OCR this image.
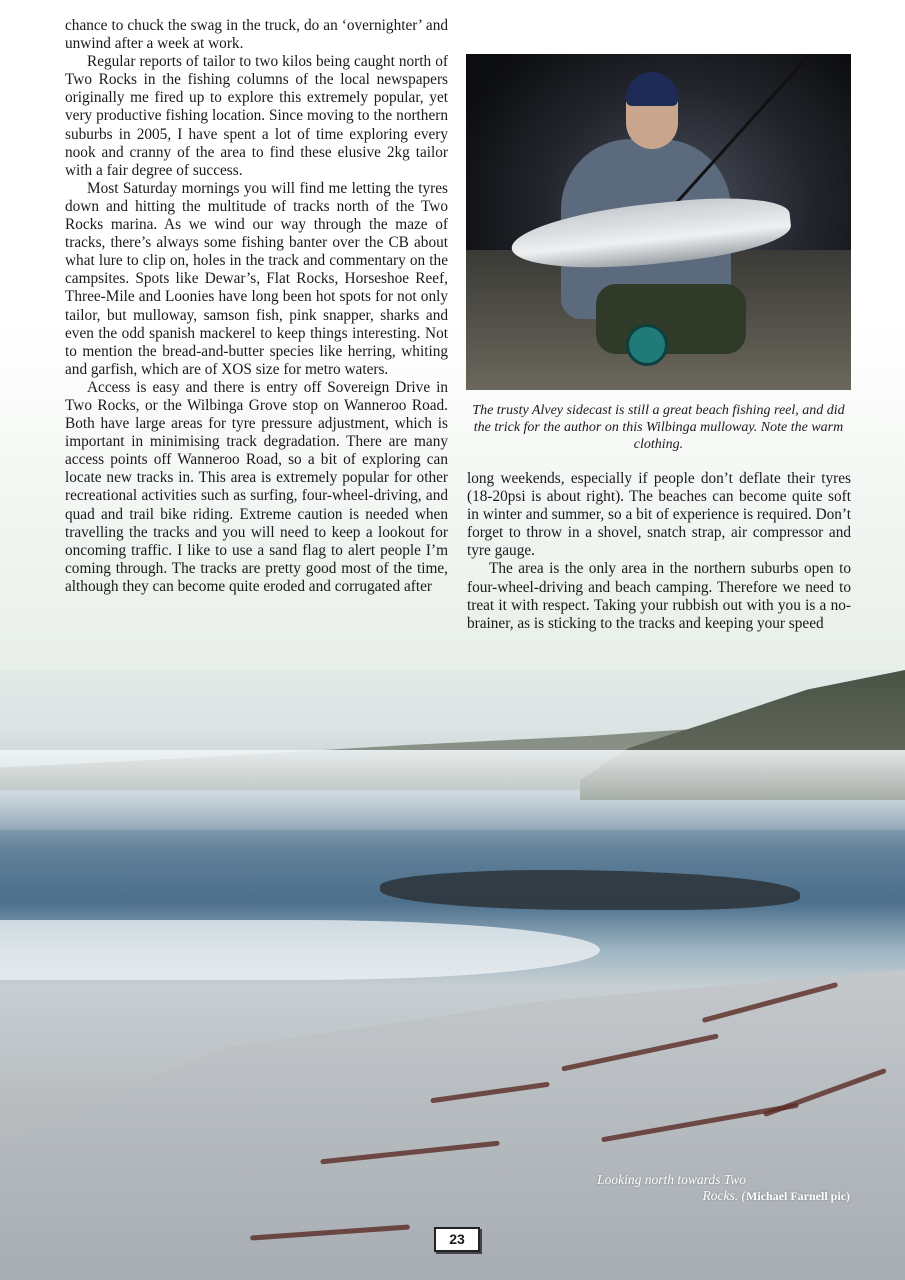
chance to chuck the swag in the truck, do an ‘overnighter’ and unwind after a week at work.

Regular reports of tailor to two kilos being caught north of Two Rocks in the fishing columns of the local newspapers originally me fired up to explore this extremely popular, yet very productive fishing location. Since moving to the northern suburbs in 2005, I have spent a lot of time exploring every nook and cranny of the area to find these elusive 2kg tailor with a fair degree of success.

Most Saturday mornings you will find me letting the tyres down and hitting the multitude of tracks north of the Two Rocks marina. As we wind our way through the maze of tracks, there’s always some fishing banter over the CB about what lure to clip on, holes in the track and commentary on the campsites. Spots like Dewar’s, Flat Rocks, Horseshoe Reef, Three-Mile and Loonies have long been hot spots for not only tailor, but mulloway, samson fish, pink snapper, sharks and even the odd spanish mackerel to keep things interesting. Not to mention the bread-and-butter species like herring, whiting and garfish, which are of XOS size for metro waters.

Access is easy and there is entry off Sovereign Drive in Two Rocks, or the Wilbinga Grove stop on Wanneroo Road. Both have large areas for tyre pressure adjustment, which is important in minimising track degradation. There are many access points off Wanneroo Road, so a bit of exploring can locate new tracks in. This area is extremely popular for other recreational activities such as surfing, four-wheel-driving, and quad and trail bike riding. Extreme caution is needed when travelling the tracks and you will need to keep a lookout for oncoming traffic. I like to use a sand flag to alert people I’m coming through. The tracks are pretty good most of the time, although they can become quite eroded and corrugated after

The trusty Alvey sidecast is still a great beach fishing reel, and did the trick for the author on this Wilbinga mulloway. Note the warm clothing.

long weekends, especially if people don’t deflate their tyres (18-20psi is about right). The beaches can become quite soft in winter and summer, so a bit of experience is required. Don’t forget to throw in a shovel, snatch strap, air compressor and tyre gauge.

The area is the only area in the northern suburbs open to four-wheel-driving and beach camping. Therefore we need to treat it with respect. Taking your rubbish out with you is a no-brainer, as is sticking to the tracks and keeping your speed

Looking north towards Two Rocks. (Michael Farnell pic)
23
